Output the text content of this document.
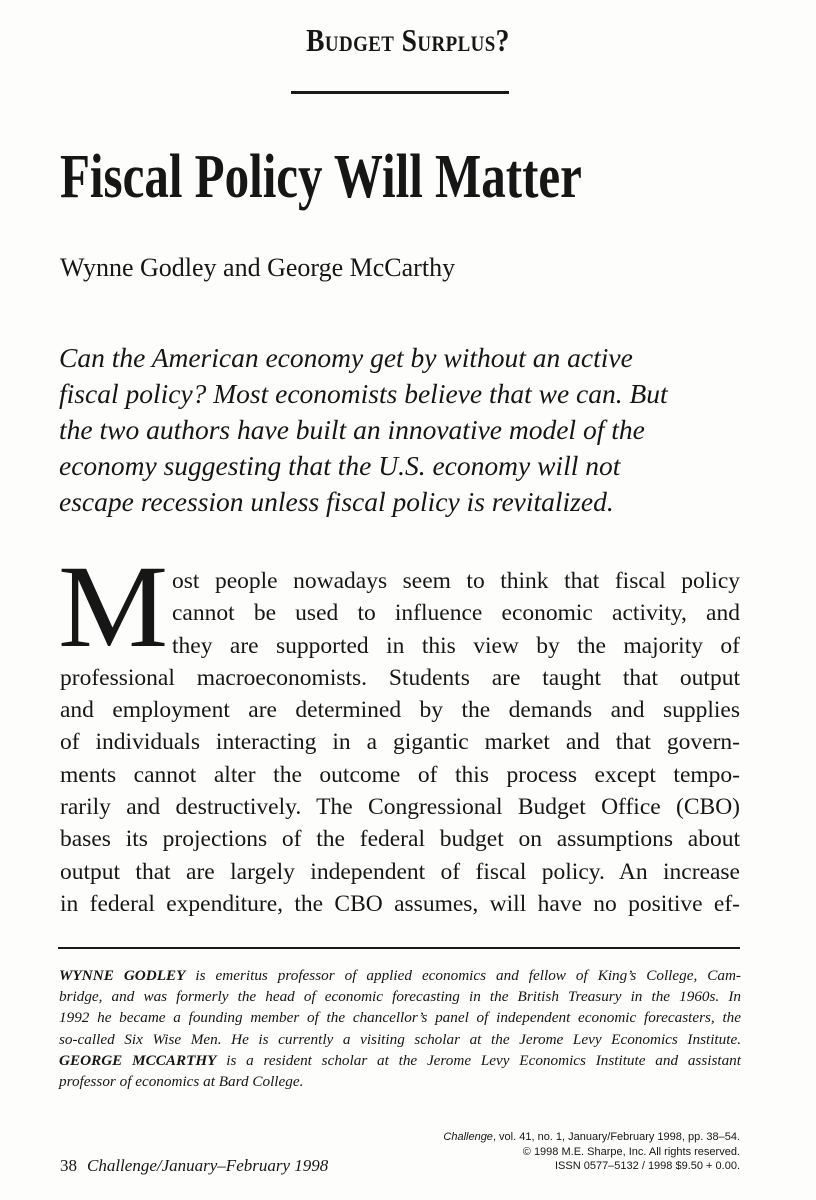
Budget Surplus?
Fiscal Policy Will Matter
Wynne Godley and George McCarthy

Can the American economy get by without an active
fiscal policy? Most economists believe that we can. But
the two authors have built an innovative model of the
economy suggesting that the U.S. economy will not
escape recession unless fiscal policy is revitalized.

M ost people nowadays seem to think that fiscal policy
cannot be used to influence economic activity, and
they are supported in this view by the majority of
professional macroeconomists. Students are taught that output
and employment are determined by the demands and supplies
of individuals interacting in a gigantic market and that govern-
ments cannot alter the outcome of this process except tempo-
rarily and destructively. The Congressional Budget Office (CBO)
bases its projections of the federal budget on assumptions about
output that are largely independent of fiscal policy. An increase
in federal expenditure, the CBO assumes, will have no positive ef-
WYNNE GODLEY is emeritus professor of applied economics and fellow of King’s College, Cam-
bridge, and was formerly the head of economic forecasting in the British Treasury in the 1960s. In
1992 he became a founding member of the chancellor’s panel of independent economic forecasters, the
so-called Six Wise Men. He is currently a visiting scholar at the Jerome Levy Economics Institute.
GEORGE MCCARTHY is a resident scholar at the Jerome Levy Economics Institute and assistant
professor of economics at Bard College.
Challenge, vol. 41, no. 1, January/February 1998, pp. 38–54.
© 1998 M.E. Sharpe, Inc. All rights reserved.
ISSN 0577–5132 / 1998 $9.50 + 0.00.
38 Challenge/January–February 1998
